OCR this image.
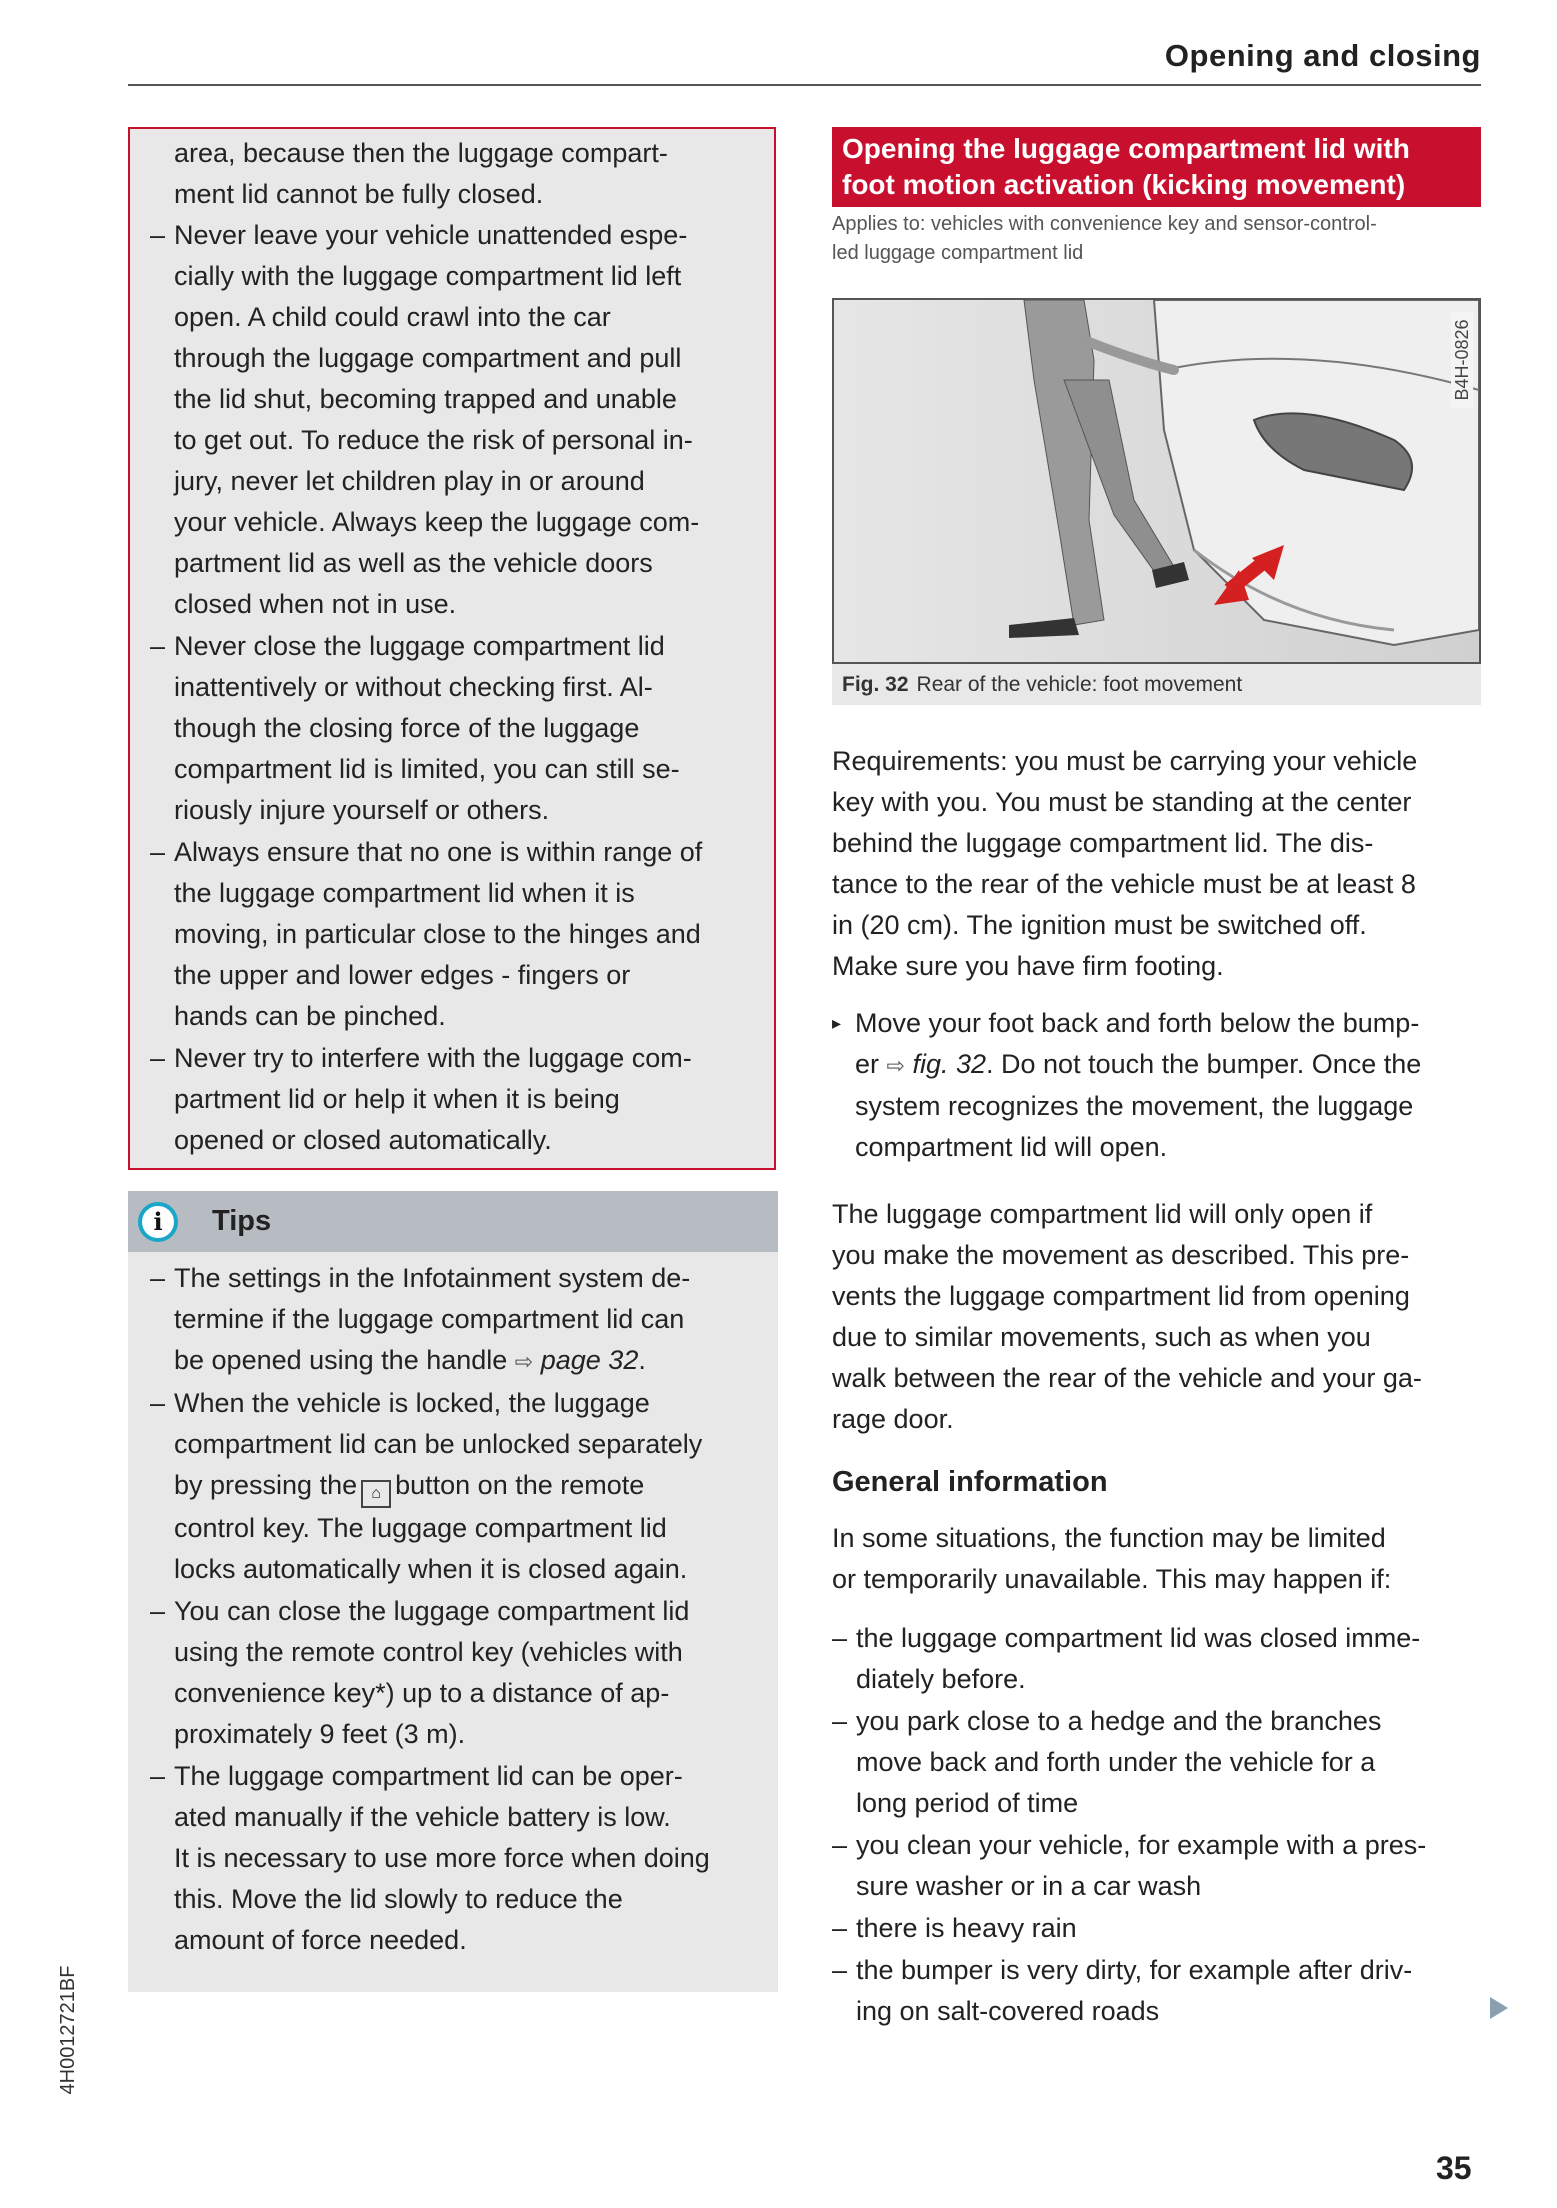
Opening and closing
area, because then the luggage compart-
ment lid cannot be fully closed.
– Never leave your vehicle unattended espe-
cially with the luggage compartment lid left
open. A child could crawl into the car
through the luggage compartment and pull
the lid shut, becoming trapped and unable
to get out. To reduce the risk of personal in-
jury, never let children play in or around
your vehicle. Always keep the luggage com-
partment lid as well as the vehicle doors
closed when not in use.
– Never close the luggage compartment lid
inattentively or without checking first. Al-
though the closing force of the luggage
compartment lid is limited, you can still se-
riously injure yourself or others.
– Always ensure that no one is within range of
the luggage compartment lid when it is
moving, in particular close to the hinges and
the upper and lower edges - fingers or
hands can be pinched.
– Never try to interfere with the luggage com-
partment lid or help it when it is being
opened or closed automatically.
i	Tips
– The settings in the Infotainment system de-
termine if the luggage compartment lid can
be opened using the handle ⇨ page 32.
– When the vehicle is locked, the luggage
compartment lid can be unlocked separately
by pressing the ⌂ button on the remote
control key. The luggage compartment lid
locks automatically when it is closed again.
– You can close the luggage compartment lid
using the remote control key (vehicles with
convenience key*) up to a distance of ap-
proximately 9 feet (3 m).
– The luggage compartment lid can be oper-
ated manually if the vehicle battery is low.
It is necessary to use more force when doing
this. Move the lid slowly to reduce the
amount of force needed.
Opening the luggage compartment lid with
foot motion activation (kicking movement)
Applies to: vehicles with convenience key and sensor-control-
led luggage compartment lid
B4H-0826
Fig. 32 Rear of the vehicle: foot movement
Requirements: you must be carrying your vehicle
key with you. You must be standing at the center
behind the luggage compartment lid. The dis-
tance to the rear of the vehicle must be at least 8
in (20 cm). The ignition must be switched off.
Make sure you have firm footing.
▸ Move your foot back and forth below the bump-
er ⇨ fig. 32. Do not touch the bumper. Once the
system recognizes the movement, the luggage
compartment lid will open.
The luggage compartment lid will only open if
you make the movement as described. This pre-
vents the luggage compartment lid from opening
due to similar movements, such as when you
walk between the rear of the vehicle and your ga-
rage door.
General information
In some situations, the function may be limited
or temporarily unavailable. This may happen if:
– the luggage compartment lid was closed imme-
diately before.
– you park close to a hedge and the branches
move back and forth under the vehicle for a
long period of time
– you clean your vehicle, for example with a pres-
sure washer or in a car wash
– there is heavy rain
– the bumper is very dirty, for example after driv-
ing on salt-covered roads
4H0012721BF
35
